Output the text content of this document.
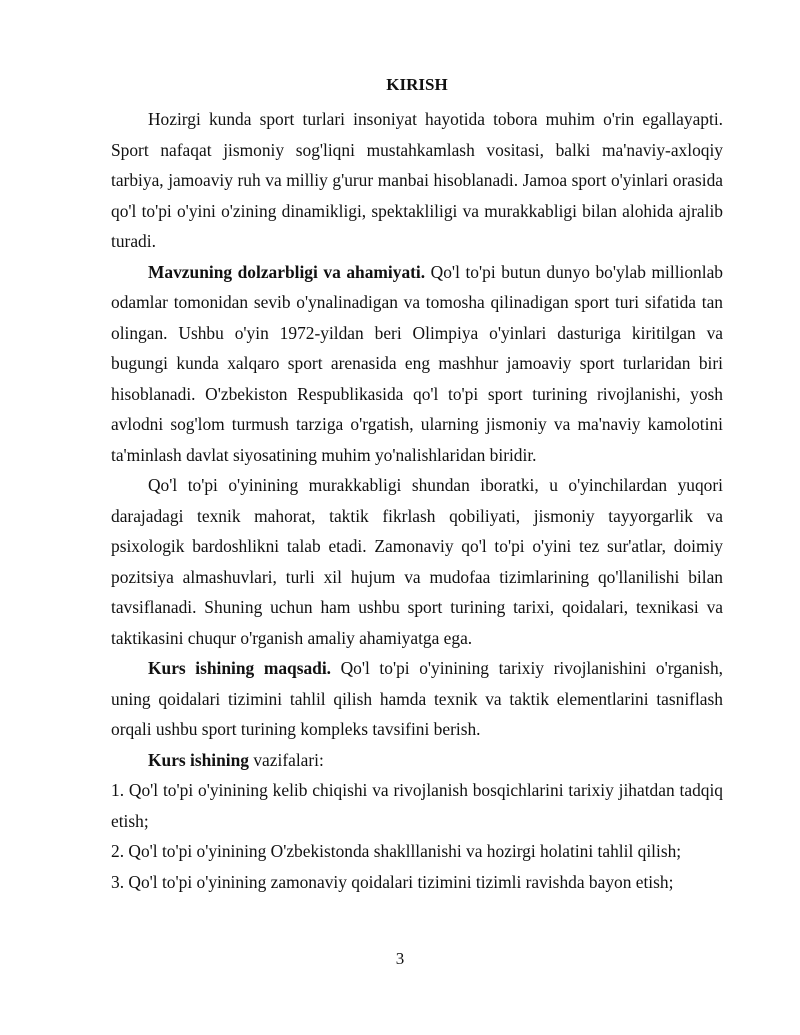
KIRISH

Hozirgi kunda sport turlari insoniyat hayotida tobora muhim o'rin egallayapti. Sport nafaqat jismoniy sog'liqni mustahkamlash vositasi, balki ma'naviy-axloqiy tarbiya, jamoaviy ruh va milliy g'urur manbai hisoblanadi. Jamoa sport o'yinlari orasida qo'l to'pi o'yini o'zining dinamikligi, spektakliligi va murakkabligi bilan alohida ajralib turadi.

Mavzuning dolzarbligi va ahamiyati. Qo'l to'pi butun dunyo bo'ylab millionlab odamlar tomonidan sevib o'ynalinadigan va tomosha qilinadigan sport turi sifatida tan olingan. Ushbu o'yin 1972-yildan beri Olimpiya o'yinlari dasturiga kiritilgan va bugungi kunda xalqaro sport arenasida eng mashhur jamoaviy sport turlaridan biri hisoblanadi. O'zbekiston Respublikasida qo'l to'pi sport turining rivojlanishi, yosh avlodni sog'lom turmush tarziga o'rgatish, ularning jismoniy va ma'naviy kamolotini ta'minlash davlat siyosatining muhim yo'nalishlaridan biridir.

Qo'l to'pi o'yinining murakkabligi shundan iboratki, u o'yinchilardan yuqori darajadagi texnik mahorat, taktik fikrlash qobiliyati, jismoniy tayyorgarlik va psixologik bardoshlikni talab etadi. Zamonaviy qo'l to'pi o'yini tez sur'atlar, doimiy pozitsiya almashuvlari, turli xil hujum va mudofaa tizimlarining qo'llanilishi bilan tavsiflanadi. Shuning uchun ham ushbu sport turining tarixi, qoidalari, texnikasi va taktikasini chuqur o'rganish amaliy ahamiyatga ega.

Kurs ishining maqsadi. Qo'l to'pi o'yinining tarixiy rivojlanishini o'rganish, uning qoidalari tizimini tahlil qilish hamda texnik va taktik elementlarini tasniflash orqali ushbu sport turining kompleks tavsifini berish.

Kurs ishining vazifalari:

1. Qo'l to'pi o'yinining kelib chiqishi va rivojlanish bosqichlarini tarixiy jihatdan tadqiq etish;

2. Qo'l to'pi o'yinining O'zbekistonda shaklllanishi va hozirgi holatini tahlil qilish;

3. Qo'l to'pi o'yinining zamonaviy qoidalari tizimini tizimli ravishda bayon etish;

3
